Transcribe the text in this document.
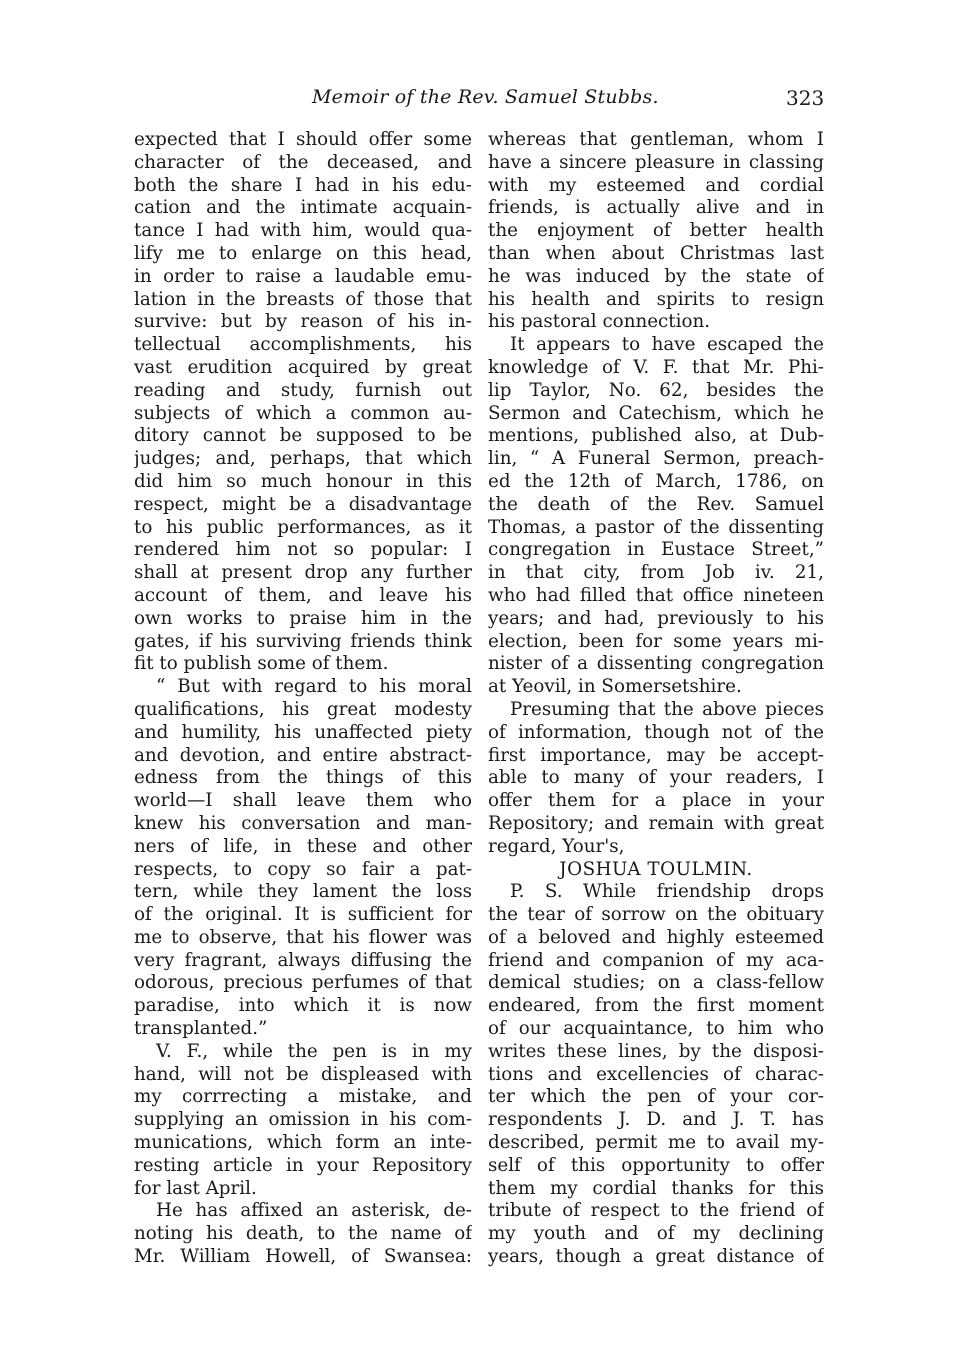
Memoir of the Rev. Samuel Stubbs.	323
expected that I should offer some
character of the deceased, and
both the share I had in his edu-
cation and the intimate acquain-
tance I had with him, would qua-
lify me to enlarge on this head,
in order to raise a laudable emu-
lation in the breasts of those that
survive: but by reason of his in-
tellectual accomplishments, his
vast erudition acquired by great
reading and study, furnish out
subjects of which a common au-
ditory cannot be supposed to be
judges; and, perhaps, that which
did him so much honour in this
respect, might be a disadvantage
to his public performances, as it
rendered him not so popular: I
shall at present drop any further
account of them, and leave his
own works to praise him in the
gates, if his surviving friends think
fit to publish some of them.
“ But with regard to his moral
qualifications, his great modesty
and humility, his unaffected piety
and devotion, and entire abstract-
edness from the things of this
world—I shall leave them who
knew his conversation and man-
ners of life, in these and other
respects, to copy so fair a pat-
tern, while they lament the loss
of the original. It is sufficient for
me to observe, that his flower was
very fragrant, always diffusing the
odorous, precious perfumes of that
paradise, into which it is now
transplanted.”
V. F., while the pen is in my
hand, will not be displeased with
my corrrecting a mistake, and
supplying an omission in his com-
munications, which form an inte-
resting article in your Repository
for last April.
He has affixed an asterisk, de-
noting his death, to the name of
Mr. William Howell, of Swansea:
whereas that gentleman, whom I
have a sincere pleasure in classing
with my esteemed and cordial
friends, is actually alive and in
the enjoyment of better health
than when about Christmas last
he was induced by the state of
his health and spirits to resign
his pastoral connection.
It appears to have escaped the
knowledge of V. F. that Mr. Phi-
lip Taylor, No. 62, besides the
Sermon and Catechism, which he
mentions, published also, at Dub-
lin, “ A Funeral Sermon, preach-
ed the 12th of March, 1786, on
the death of the Rev. Samuel
Thomas, a pastor of the dissenting
congregation in Eustace Street,”
in that city, from Job iv. 21,
who had filled that office nineteen
years; and had, previously to his
election, been for some years mi-
nister of a dissenting congregation
at Yeovil, in Somersetshire.
Presuming that the above pieces
of information, though not of the
first importance, may be accept-
able to many of your readers, I
offer them for a place in your
Repository; and remain with great
regard, Your's,
JOSHUA TOULMIN.
P. S. While friendship drops
the tear of sorrow on the obituary
of a beloved and highly esteemed
friend and companion of my aca-
demical studies; on a class-fellow
endeared, from the first moment
of our acquaintance, to him who
writes these lines, by the disposi-
tions and excellencies of charac-
ter which the pen of your cor-
respondents J. D. and J. T. has
described, permit me to avail my-
self of this opportunity to offer
them my cordial thanks for this
tribute of respect to the friend of
my youth and of my declining
years, though a great distance of
